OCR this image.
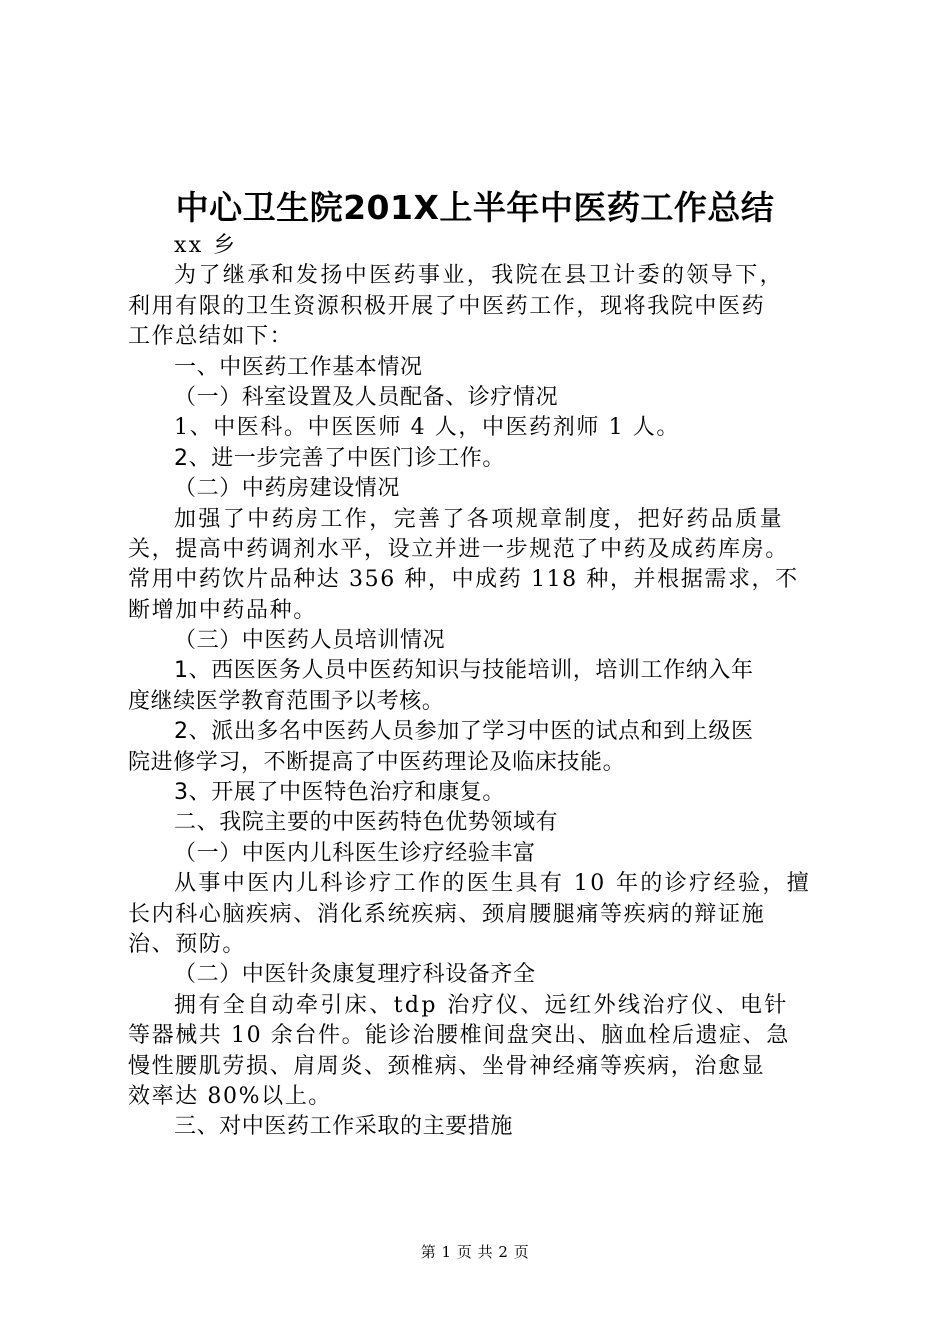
中心卫生院201X上半年中医药工作总结
xx 乡
为了继承和发扬中医药事业，我院在县卫计委的领导下，
利用有限的卫生资源积极开展了中医药工作，现将我院中医药
工作总结如下：
一、中医药工作基本情况
（一）科室设置及人员配备、诊疗情况
1、中医科。中医医师 4 人，中医药剂师 1 人。
2、进一步完善了中医门诊工作。
（二）中药房建设情况
加强了中药房工作，完善了各项规章制度，把好药品质量
关，提高中药调剂水平，设立并进一步规范了中药及成药库房。
常用中药饮片品种达 356 种，中成药 118 种，并根据需求，不
断增加中药品种。
（三）中医药人员培训情况
1、西医医务人员中医药知识与技能培训，培训工作纳入年
度继续医学教育范围予以考核。
2、派出多名中医药人员参加了学习中医的试点和到上级医
院进修学习，不断提高了中医药理论及临床技能。
3、开展了中医特色治疗和康复。
二、我院主要的中医药特色优势领域有
（一）中医内儿科医生诊疗经验丰富
从事中医内儿科诊疗工作的医生具有 10 年的诊疗经验，擅
长内科心脑疾病、消化系统疾病、颈肩腰腿痛等疾病的辩证施
治、预防。
（二）中医针灸康复理疗科设备齐全
拥有全自动牵引床、tdp 治疗仪、远红外线治疗仪、电针
等器械共 10 余台件。能诊治腰椎间盘突出、脑血栓后遗症、急
慢性腰肌劳损、肩周炎、颈椎病、坐骨神经痛等疾病，治愈显
效率达 80%以上。
三、对中医药工作采取的主要措施
第 1 页 共 2 页
